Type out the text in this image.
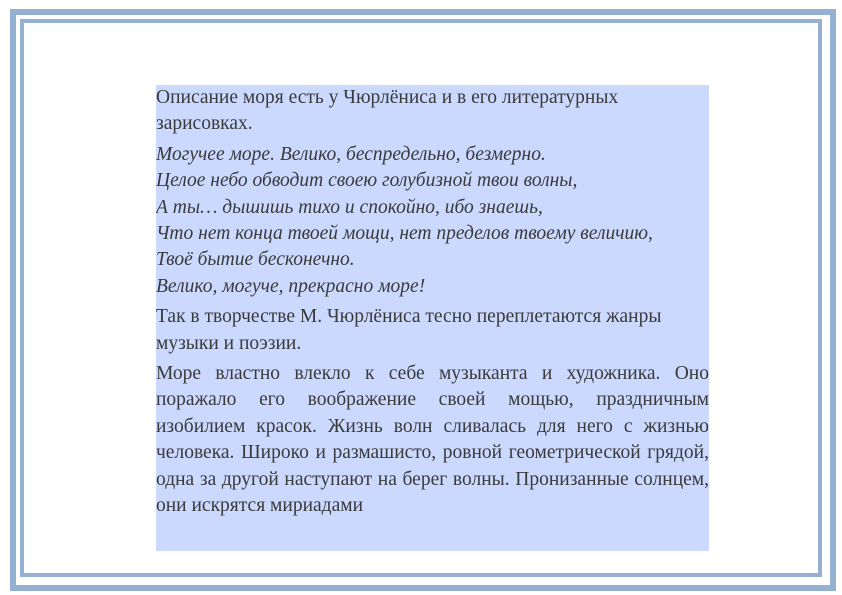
Описание моря есть у Чюрлёниса и в его литературных зарисовках.

Могучее море. Велико, беспредельно, безмерно.
Целое небо обводит своею голубизной твои волны,
А ты… дышишь тихо и спокойно, ибо знаешь,
Что нет конца твоей мощи, нет пределов твоему величию,
Твоё бытие бесконечно.
Велико, могуче, прекрасно море!

Так в творчестве М. Чюрлёниса тесно переплетаются жанры музыки и поэзии.

Море властно влекло к себе музыканта и художника. Оно поражало его воображение своей мощью, праздничным изобилием красок. Жизнь волн сливалась для него с жизнью человека. Широко и размашисто, ровной геометрической грядой, одна за другой наступают на берег волны. Пронизанные солнцем, они искрятся мириадами
